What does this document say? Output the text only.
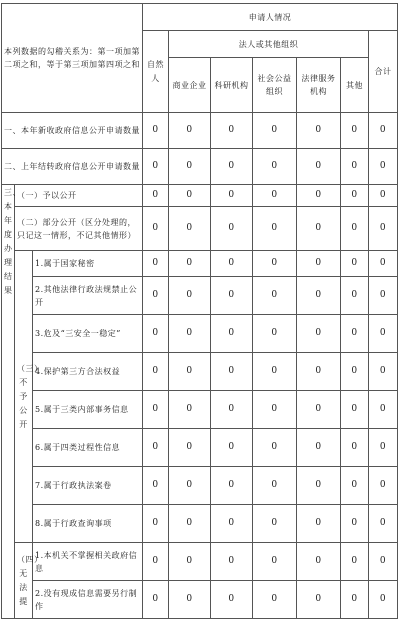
本列数据的勾稽关系为：第一项加第二项之和，等于第三项加第四项之和			申请人情况						
			自然人	法人或其他组织					合计
				商业企业	科研机构	社会公益组织	法律服务机构	其他	
一、本年新收政府信息公开申请数量			0	0	0	0	0	0	0
二、上年结转政府信息公开申请数量			0	0	0	0	0	0	0

三、本年度办理结果	（一）予以公开		0	0	0	0	0	0	0
	（二）部分公开（区分处理的，只记这一情形，不记其他情形）		0	0	0	0	0	0	0

	（三）不予公开	1.属于国家秘密	0	0	0	0	0	0	0
		2.其他法律行政法规禁止公开	0	0	0	0	0	0	0
		3.危及“三安全一稳定”	0	0	0	0	0	0	0
		4.保护第三方合法权益	0	0	0	0	0	0	0
		5.属于三类内部事务信息	0	0	0	0	0	0	0
		6.属于四类过程性信息	0	0	0	0	0	0	0
		7.属于行政执法案卷	0	0	0	0	0	0	0
		8.属于行政查询事项	0	0	0	0	0	0	0

	（四）无法提	1.本机关不掌握相关政府信息	0	0	0	0	0	0	0
		2.没有现成信息需要另行制作	0	0	0	0	0	0	0
